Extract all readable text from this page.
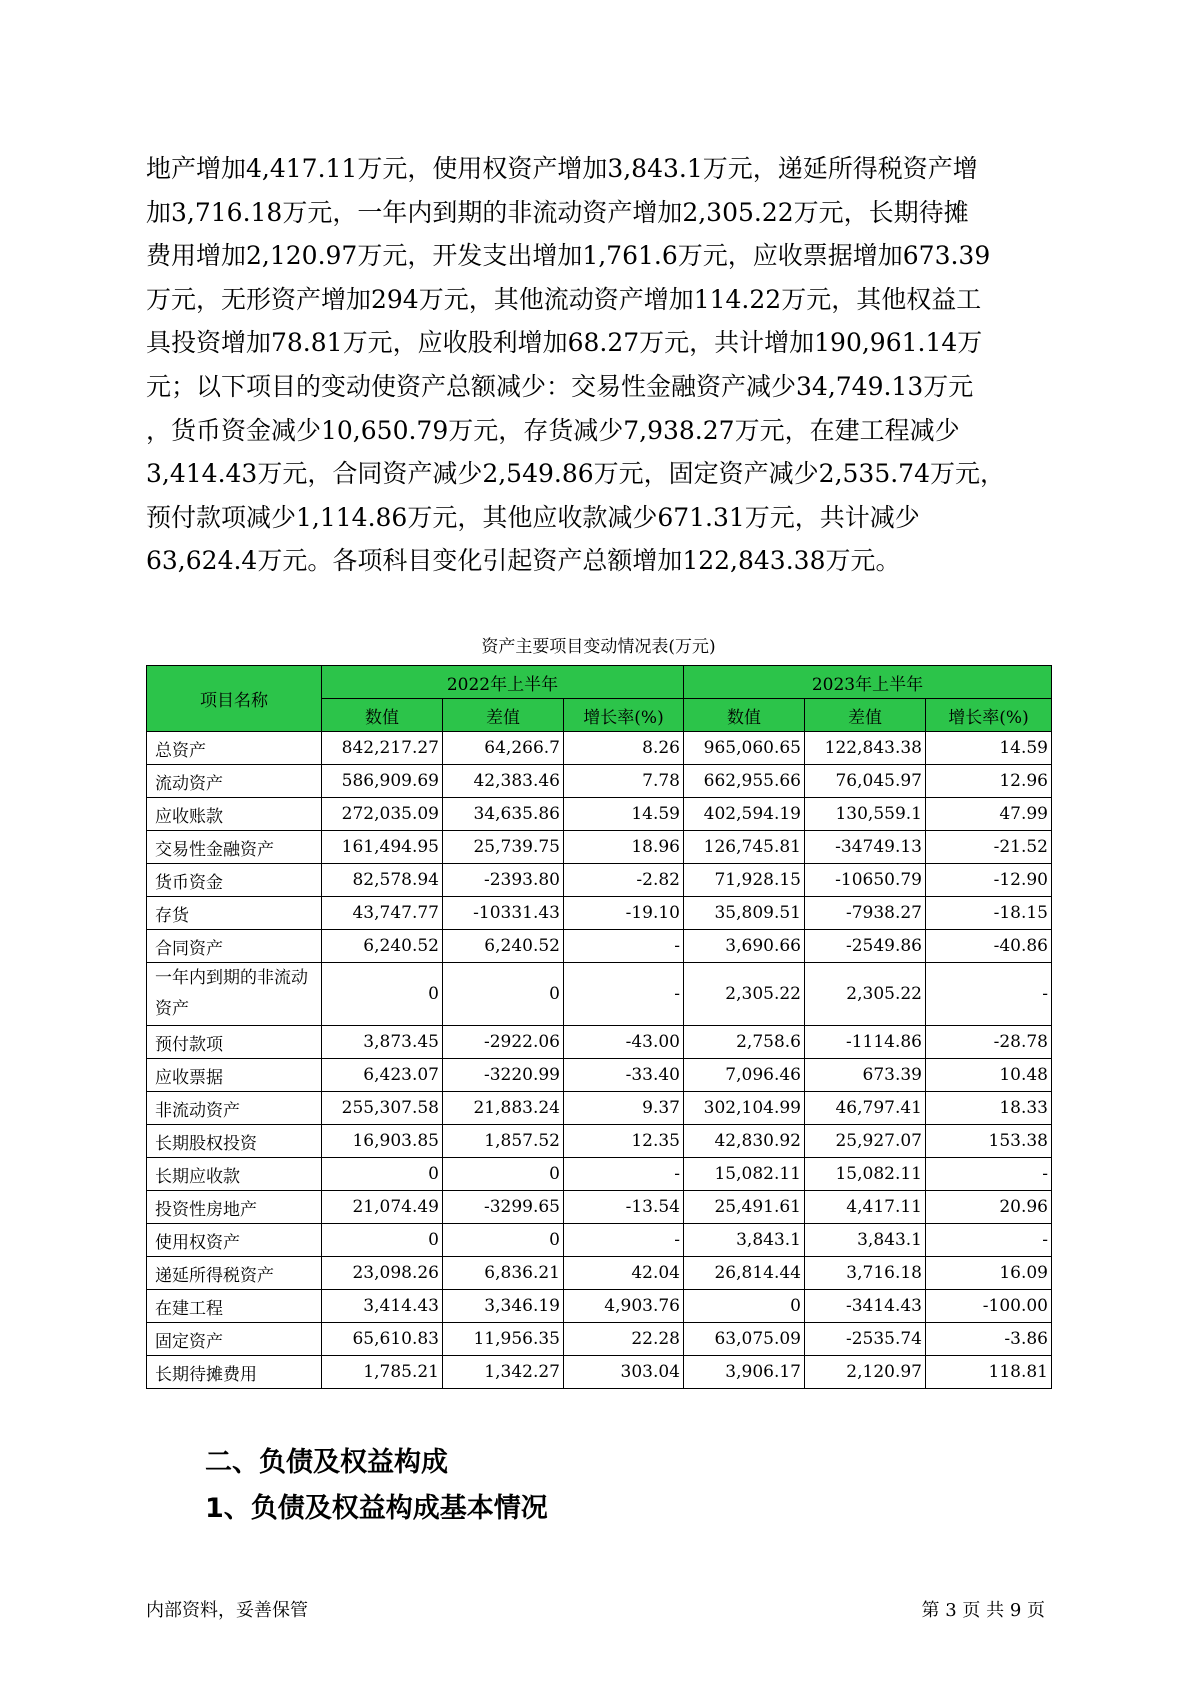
地产增加4,417.11万元，使用权资产增加3,843.1万元，递延所得税资产增
加3,716.18万元，一年内到期的非流动资产增加2,305.22万元，长期待摊
费用增加2,120.97万元，开发支出增加1,761.6万元，应收票据增加673.39
万元，无形资产增加294万元，其他流动资产增加114.22万元，其他权益工
具投资增加78.81万元，应收股利增加68.27万元，共计增加190,961.14万
元；以下项目的变动使资产总额减少：交易性金融资产减少34,749.13万元
，货币资金减少10,650.79万元，存货减少7,938.27万元，在建工程减少
3,414.43万元，合同资产减少2,549.86万元，固定资产减少2,535.74万元，
预付款项减少1,114.86万元，其他应收款减少671.31万元，共计减少
63,624.4万元。各项科目变化引起资产总额增加122,843.38万元。
资产主要项目变动情况表(万元)
项目名称	2022年上半年			2023年上半年		
	数值	差值	增长率(%)	数值	差值	增长率(%)
总资产	842,217.27	64,266.7	8.26	965,060.65	122,843.38	14.59
流动资产	586,909.69	42,383.46	7.78	662,955.66	76,045.97	12.96
应收账款	272,035.09	34,635.86	14.59	402,594.19	130,559.1	47.99
交易性金融资产	161,494.95	25,739.75	18.96	126,745.81	-34749.13	-21.52
货币资金	82,578.94	-2393.80	-2.82	71,928.15	-10650.79	-12.90
存货	43,747.77	-10331.43	-19.10	35,809.51	-7938.27	-18.15
合同资产	6,240.52	6,240.52	-	3,690.66	-2549.86	-40.86
一年内到期的非流动资产	0	0	-	2,305.22	2,305.22	-
预付款项	3,873.45	-2922.06	-43.00	2,758.6	-1114.86	-28.78
应收票据	6,423.07	-3220.99	-33.40	7,096.46	673.39	10.48
非流动资产	255,307.58	21,883.24	9.37	302,104.99	46,797.41	18.33
长期股权投资	16,903.85	1,857.52	12.35	42,830.92	25,927.07	153.38
长期应收款	0	0	-	15,082.11	15,082.11	-
投资性房地产	21,074.49	-3299.65	-13.54	25,491.61	4,417.11	20.96
使用权资产	0	0	-	3,843.1	3,843.1	-
递延所得税资产	23,098.26	6,836.21	42.04	26,814.44	3,716.18	16.09
在建工程	3,414.43	3,346.19	4,903.76	0	-3414.43	-100.00
固定资产	65,610.83	11,956.35	22.28	63,075.09	-2535.74	-3.86
长期待摊费用	1,785.21	1,342.27	303.04	3,906.17	2,120.97	118.81
二、负债及权益构成
1、负债及权益构成基本情况
内部资料，妥善保管	第 3 页 共 9 页
